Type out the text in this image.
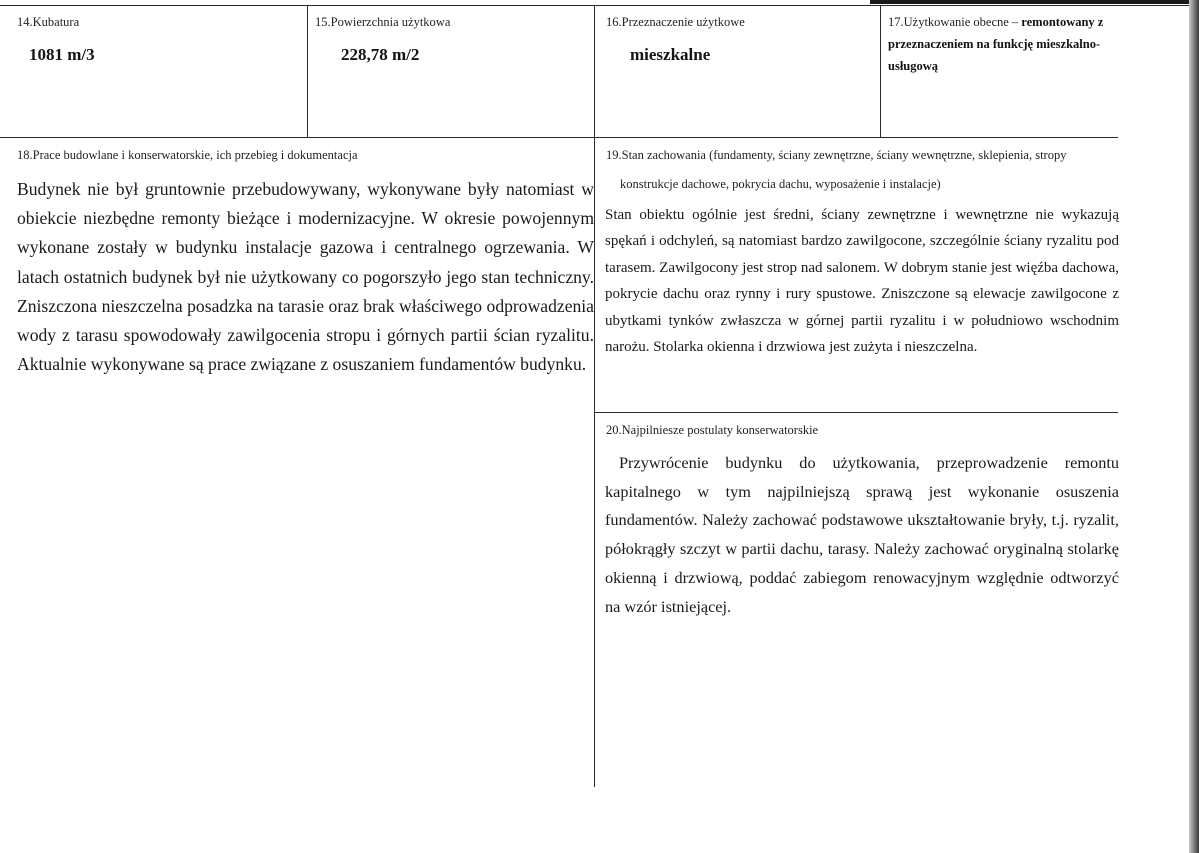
14.Kubatura
1081 m/3
15.Powierzchnia użytkowa
228,78 m/2
16.Przeznaczenie użytkowe
mieszkalne
17.Użytkowanie obecne – remontowany z przeznaczeniem na funkcję mieszkalno-usługową
18.Prace budowlane i konserwatorskie, ich przebieg i dokumentacja
Budynek nie był gruntownie przebudowywany, wykonywane były natomiast w obiekcie niezbędne remonty bieżące i modernizacyjne. W okresie powojennym wykonane zostały w budynku instalacje gazowa i centralnego ogrzewania. W latach ostatnich budynek był nie użytkowany co pogorszyło jego stan techniczny. Zniszczona nieszczelna posadzka na tarasie oraz brak właściwego odprowadzenia wody z tarasu spowodowały zawilgocenia stropu i górnych partii ścian ryzalitu. Aktualnie wykonywane są prace związane z osuszaniem fundamentów budynku.
19.Stan zachowania (fundamenty, ściany zewnętrzne, ściany wewnętrzne, sklepienia, stropy
konstrukcje dachowe, pokrycia dachu, wyposażenie i instalacje)
Stan obiektu ogólnie jest średni, ściany zewnętrzne i wewnętrzne nie wykazują spękań i odchyleń, są natomiast bardzo zawilgocone, szczególnie ściany ryzalitu pod tarasem. Zawilgocony jest strop nad salonem. W dobrym stanie jest więźba dachowa, pokrycie dachu oraz rynny i rury spustowe. Zniszczone są elewacje zawilgocone z ubytkami tynków zwłaszcza w górnej partii ryzalitu i w południowo wschodnim narożu. Stolarka okienna i drzwiowa jest zużyta i nieszczelna.
20.Najpilniesze postulaty konserwatorskie
Przywrócenie budynku do użytkowania, przeprowadzenie remontu kapitalnego w tym najpilniejszą sprawą jest wykonanie osuszenia fundamentów. Należy zachować podstawowe ukształtowanie bryły, t.j. ryzalit, półokrągły szczyt w partii dachu, tarasy. Należy zachować oryginalną stolarkę okienną i drzwiową, poddać zabiegom renowacyjnym względnie odtworzyć na wzór istniejącej.
